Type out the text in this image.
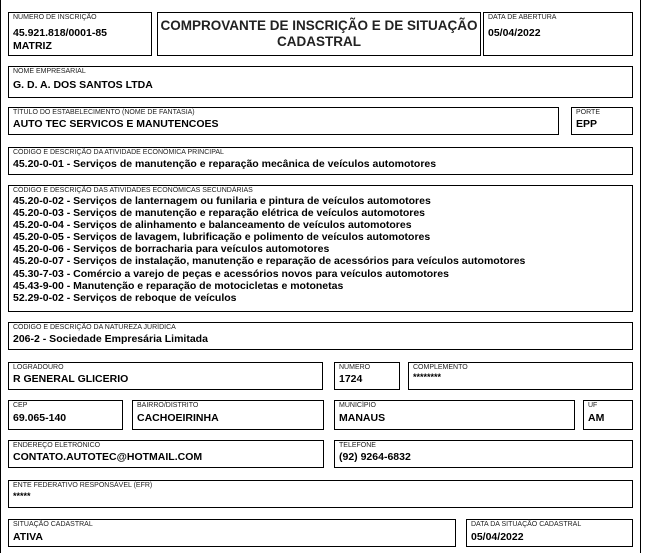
NÚMERO DE INSCRIÇÃO
45.921.818/0001-85
MATRIZ
COMPROVANTE DE INSCRIÇÃO E DE SITUAÇÃO
CADASTRAL
DATA DE ABERTURA
05/04/2022
NOME EMPRESARIAL
G. D. A. DOS SANTOS LTDA
TÍTULO DO ESTABELECIMENTO (NOME DE FANTASIA)
AUTO TEC SERVICOS E MANUTENCOES
PORTE
EPP
CÓDIGO E DESCRIÇÃO DA ATIVIDADE ECONÔMICA PRINCIPAL
45.20-0-01 - Serviços de manutenção e reparação mecânica de veículos automotores
CÓDIGO E DESCRIÇÃO DAS ATIVIDADES ECONÔMICAS SECUNDÁRIAS
45.20-0-02 - Serviços de lanternagem ou funilaria e pintura de veículos automotores
45.20-0-03 - Serviços de manutenção e reparação elétrica de veículos automotores
45.20-0-04 - Serviços de alinhamento e balanceamento de veículos automotores
45.20-0-05 - Serviços de lavagem, lubrificação e polimento de veículos automotores
45.20-0-06 - Serviços de borracharia para veículos automotores
45.20-0-07 - Serviços de instalação, manutenção e reparação de acessórios para veículos automotores
45.30-7-03 - Comércio a varejo de peças e acessórios novos para veículos automotores
45.43-9-00 - Manutenção e reparação de motocicletas e motonetas
52.29-0-02 - Serviços de reboque de veículos
CÓDIGO E DESCRIÇÃO DA NATUREZA JURÍDICA
206-2 - Sociedade Empresária Limitada
LOGRADOURO
R GENERAL GLICERIO
NÚMERO
1724
COMPLEMENTO
********
CEP
69.065-140
BAIRRO/DISTRITO
CACHOEIRINHA
MUNICÍPIO
MANAUS
UF
AM
ENDEREÇO ELETRÔNICO
CONTATO.AUTOTEC@HOTMAIL.COM
TELEFONE
(92) 9264-6832
ENTE FEDERATIVO RESPONSÁVEL (EFR)
*****
SITUAÇÃO CADASTRAL
ATIVA
DATA DA SITUAÇÃO CADASTRAL
05/04/2022
